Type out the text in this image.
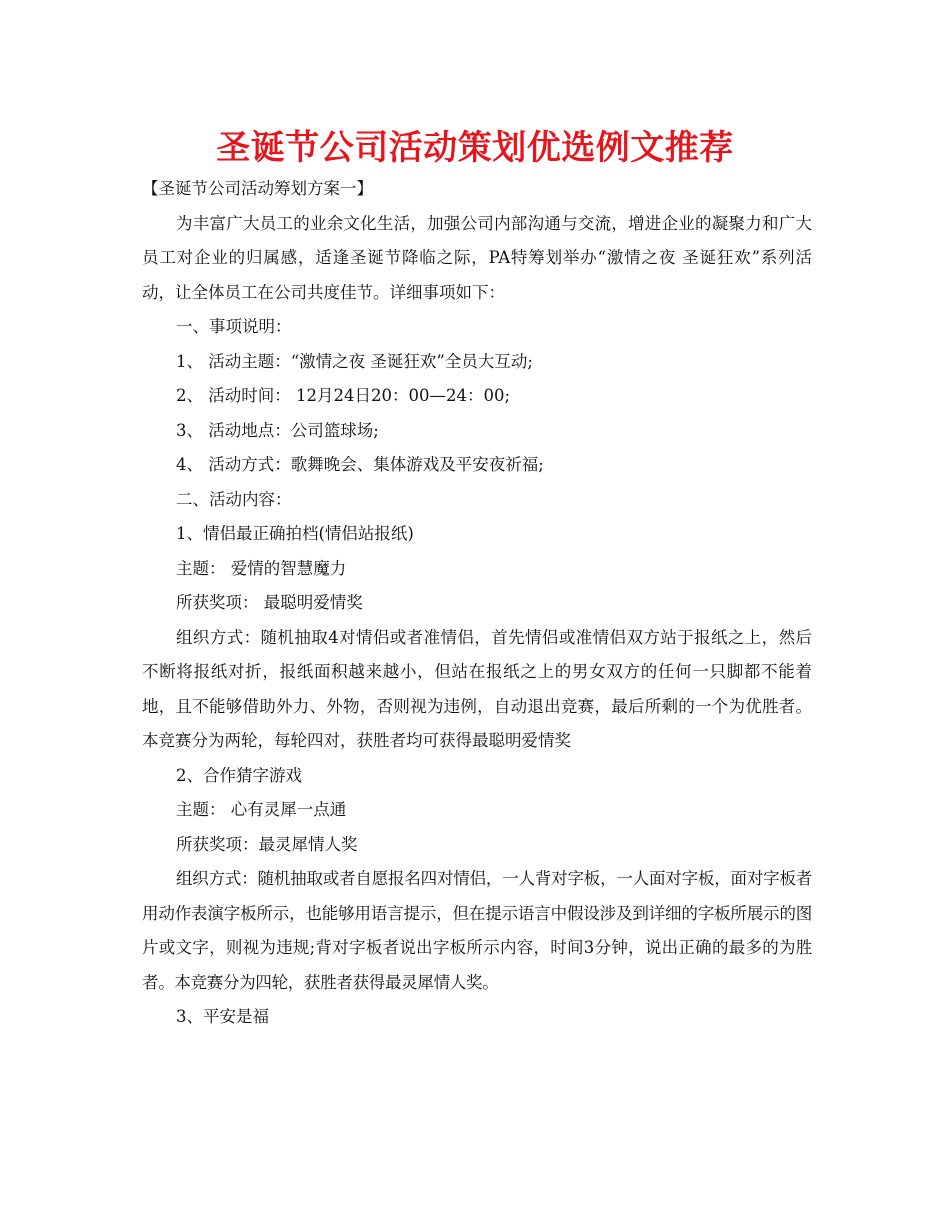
圣诞节公司活动策划优选例文推荐

【圣诞节公司活动筹划方案一】

为丰富广大员工的业余文化生活，加强公司内部沟通与交流，增进企业的凝聚力和广大员工对企业的归属感，适逢圣诞节降临之际，PA特筹划举办“激情之夜 圣诞狂欢”系列活动，让全体员工在公司共度佳节。详细事项如下：

一、事项说明：

1、 活动主题：“激情之夜 圣诞狂欢”全员大互动;

2、 活动时间： 12月24日20：00—24：00;

3、 活动地点：公司篮球场;

4、 活动方式：歌舞晚会、集体游戏及平安夜祈福;

二、活动内容：

1、情侣最正确拍档(情侣站报纸)

主题： 爱情的智慧魔力

所获奖项： 最聪明爱情奖

组织方式：随机抽取4对情侣或者准情侣，首先情侣或准情侣双方站于报纸之上，然后不断将报纸对折，报纸面积越来越小，但站在报纸之上的男女双方的任何一只脚都不能着地，且不能够借助外力、外物，否则视为违例，自动退出竞赛，最后所剩的一个为优胜者。本竞赛分为两轮，每轮四对，获胜者均可获得最聪明爱情奖

2、合作猜字游戏

主题： 心有灵犀一点通

所获奖项：最灵犀情人奖

组织方式：随机抽取或者自愿报名四对情侣，一人背对字板，一人面对字板，面对字板者用动作表演字板所示，也能够用语言提示，但在提示语言中假设涉及到详细的字板所展示的图片或文字，则视为违规;背对字板者说出字板所示内容，时间3分钟，说出正确的最多的为胜者。本竞赛分为四轮，获胜者获得最灵犀情人奖。

3、平安是福
